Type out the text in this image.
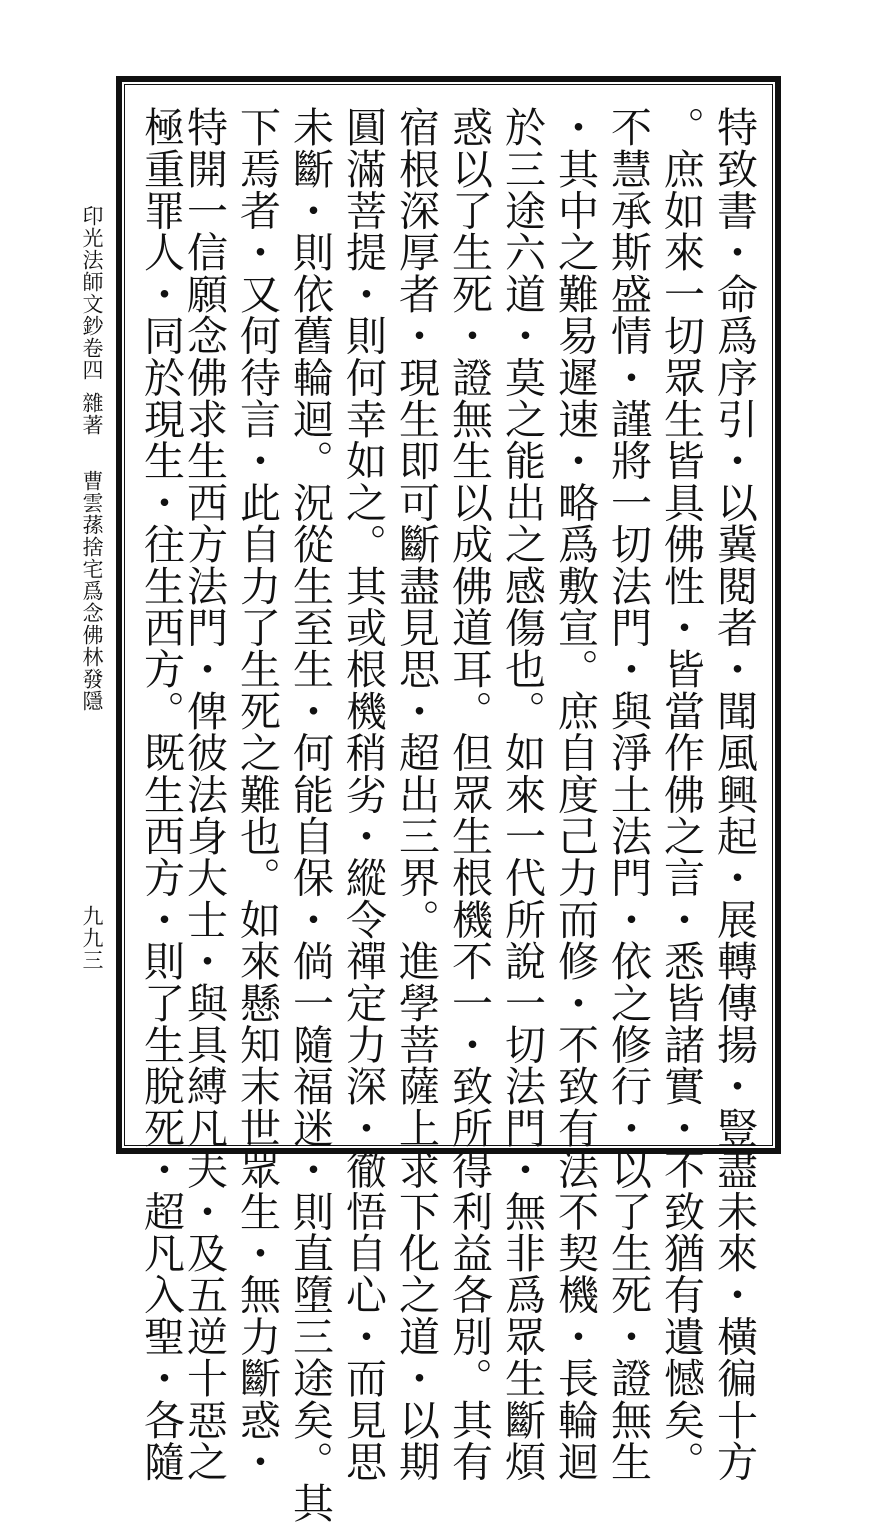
特致書・命爲序引・以冀閱者・聞風興起・展轉傳揚・豎盡未來・橫徧十方
。庶如來一切眾生皆具佛性・皆當作佛之言・悉皆諸實・不致猶有遺憾矣。
不慧承斯盛情・謹將一切法門・與淨土法門・依之修行・以了生死・證無生
・其中之難易遲速・略爲敷宣。庶自度己力而修・不致有法不契機・長輪迴
於三途六道・莫之能出之感傷也。如來一代所說一切法門・無非爲眾生斷煩
惑以了生死・證無生以成佛道耳。但眾生根機不一・致所得利益各別。其有
宿根深厚者・現生即可斷盡見思・超出三界。進學菩薩上求下化之道・以期
圓滿菩提・則何幸如之。其或根機稍劣・縱令禪定力深・徹悟自心・而見思
未斷・則依舊輪迴。況從生至生・何能自保・倘一隨福迷・則直墮三途矣。其
下焉者・又何待言・此自力了生死之難也。如來懸知末世眾生・無力斷惑・
特開一信願念佛求生西方法門・俾彼法身大士・與具縛凡夫・及五逆十惡之
極重罪人・同於現生・往生西方。既生西方・則了生脫死・超凡入聖・各隨
印光法師文鈔卷四
雜著
曹雲蓀捨宅爲念佛林發隱
九九三
